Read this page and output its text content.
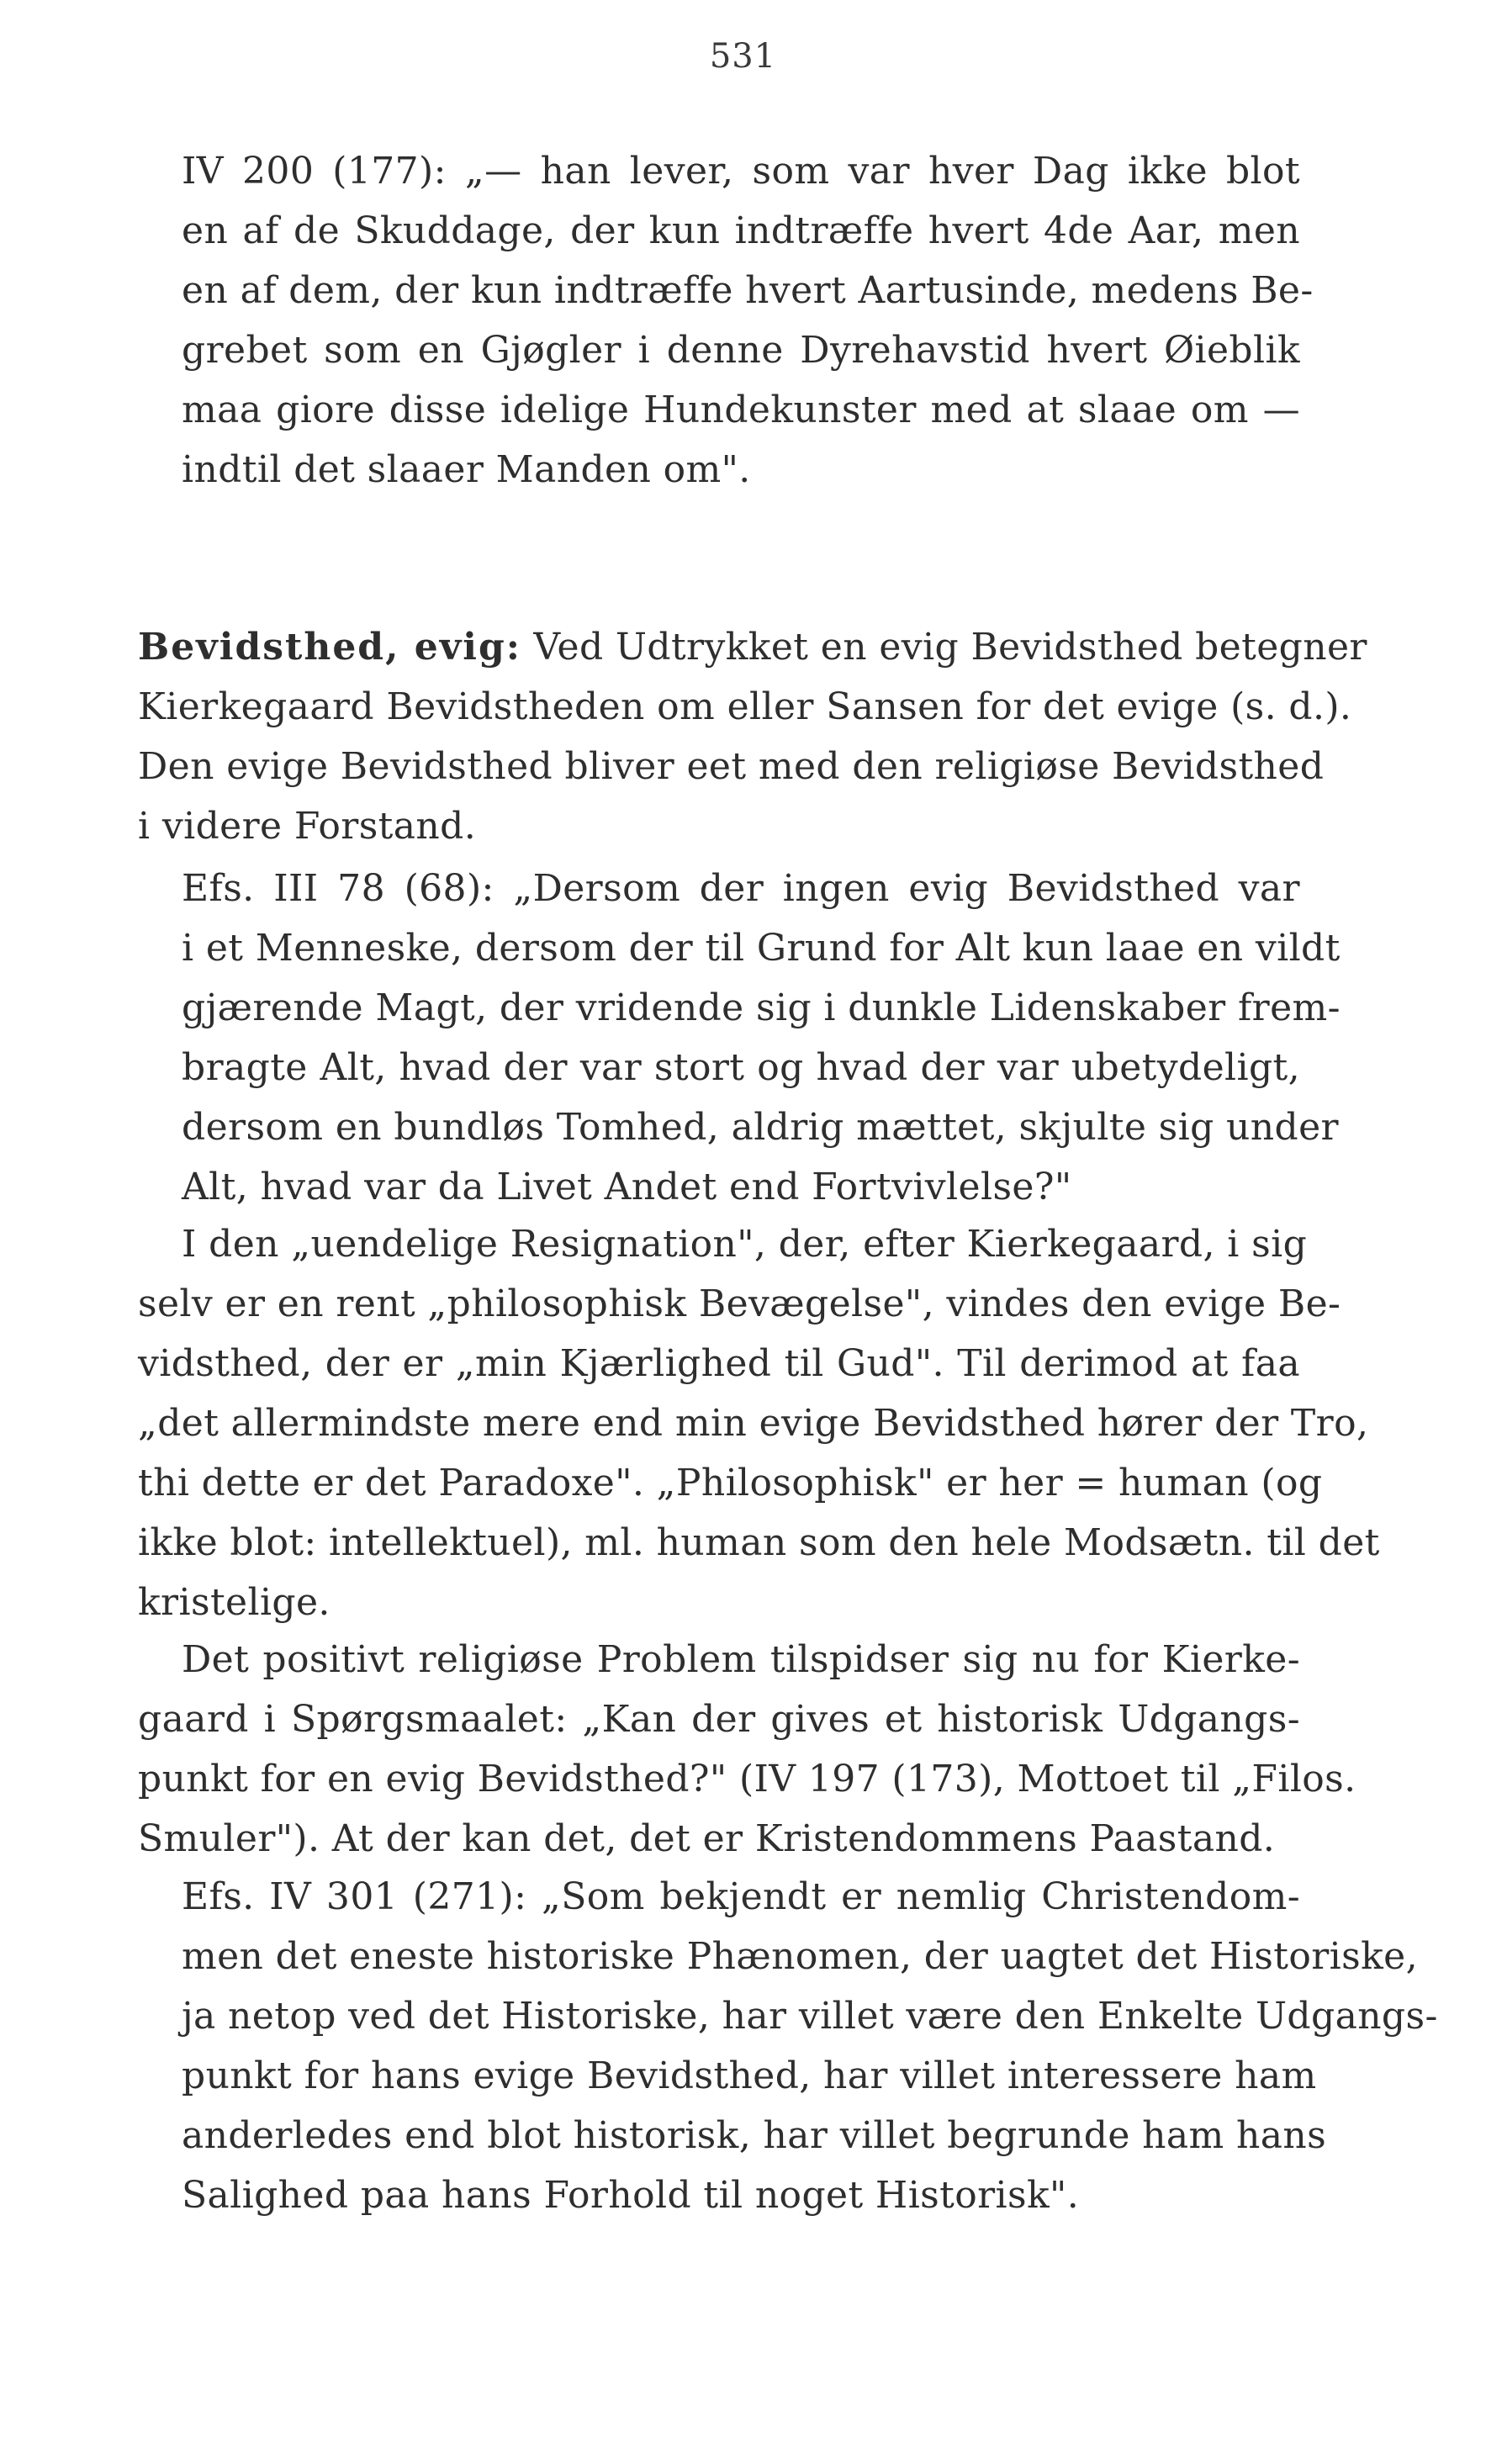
531
IV 200 (177): „— han lever, som var hver Dag ikke blot
en af de Skuddage, der kun indtræffe hvert 4de Aar, men
en af dem, der kun indtræffe hvert Aartusinde, medens Be-
grebet som en Gjøgler i denne Dyrehavstid hvert Øieblik
maa giore disse idelige Hundekunster med at slaae om —
indtil det slaaer Manden om".
Bevidsthed, evig: Ved Udtrykket en evig Bevidsthed betegner
Kierkegaard Bevidstheden om eller Sansen for det evige (s. d.).
Den evige Bevidsthed bliver eet med den religiøse Bevidsthed
i videre Forstand.
Efs. III 78 (68): „Dersom der ingen evig Bevidsthed var
i et Menneske, dersom der til Grund for Alt kun laae en vildt
gjærende Magt, der vridende sig i dunkle Lidenskaber frem-
bragte Alt, hvad der var stort og hvad der var ubetydeligt,
dersom en bundløs Tomhed, aldrig mættet, skjulte sig under
Alt, hvad var da Livet Andet end Fortvivlelse?"
I den „uendelige Resignation", der, efter Kierkegaard, i sig
selv er en rent „philosophisk Bevægelse", vindes den evige Be-
vidsthed, der er „min Kjærlighed til Gud". Til derimod at faa
„det allermindste mere end min evige Bevidsthed hører der Tro,
thi dette er det Paradoxe". „Philosophisk" er her = human (og
ikke blot: intellektuel), ml. human som den hele Modsætn. til det
kristelige.
Det positivt religiøse Problem tilspidser sig nu for Kierke-
gaard i Spørgsmaalet: „Kan der gives et historisk Udgangs-
punkt for en evig Bevidsthed?" (IV 197 (173), Mottoet til „Filos.
Smuler"). At der kan det, det er Kristendommens Paastand.
Efs. IV 301 (271): „Som bekjendt er nemlig Christendom-
men det eneste historiske Phænomen, der uagtet det Historiske,
ja netop ved det Historiske, har villet være den Enkelte Udgangs-
punkt for hans evige Bevidsthed, har villet interessere ham
anderledes end blot historisk, har villet begrunde ham hans
Salighed paa hans Forhold til noget Historisk".
